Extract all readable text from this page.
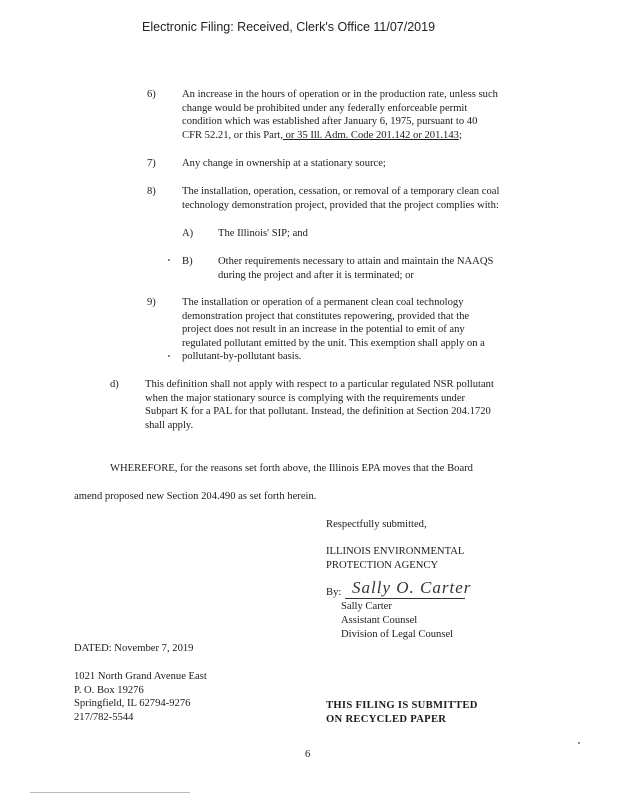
Electronic Filing: Received, Clerk's Office 11/07/2019
6) An increase in the hours of operation or in the production rate, unless such
change would be prohibited under any federally enforceable permit
condition which was established after January 6, 1975, pursuant to 40
CFR 52.21, or this Part, or 35 Ill. Adm. Code 201.142 or 201.143;
7) Any change in ownership at a stationary source;
8) The installation, operation, cessation, or removal of a temporary clean coal
technology demonstration project, provided that the project complies with:
A) The Illinois' SIP; and
B) Other requirements necessary to attain and maintain the NAAQS
during the project and after it is terminated; or
9) The installation or operation of a permanent clean coal technology
demonstration project that constitutes repowering, provided that the
project does not result in an increase in the potential to emit of any
regulated pollutant emitted by the unit. This exemption shall apply on a
pollutant-by-pollutant basis.
d) This definition shall not apply with respect to a particular regulated NSR pollutant
when the major stationary source is complying with the requirements under
Subpart K for a PAL for that pollutant. Instead, the definition at Section 204.1720
shall apply.
WHEREFORE, for the reasons set forth above, the Illinois EPA moves that the Board
amend proposed new Section 204.490 as set forth herein.
Respectfully submitted,
ILLINOIS ENVIRONMENTAL
PROTECTION AGENCY
By: Sally O. Carter
Sally Carter
Assistant Counsel
Division of Legal Counsel
DATED: November 7, 2019
1021 North Grand Avenue East
P. O. Box 19276
Springfield, IL 62794-9276
217/782-5544
THIS FILING IS SUBMITTED
ON RECYCLED PAPER
6
